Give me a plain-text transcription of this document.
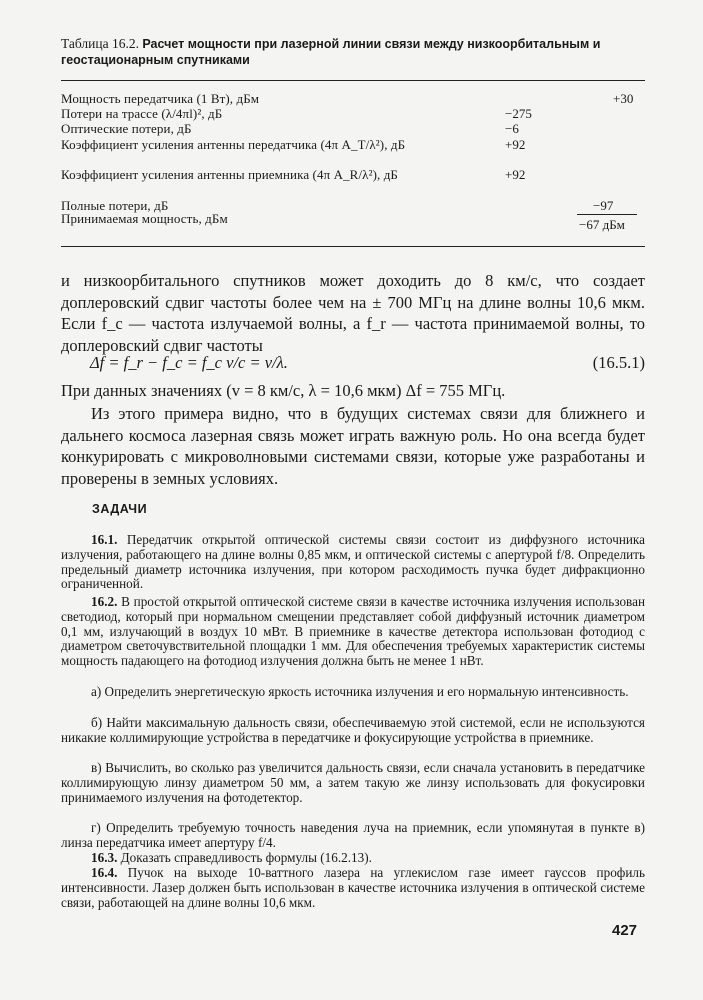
Таблица 16.2. Расчет мощности при лазерной линии связи между низкоорбитальным и геостационарным спутниками
Мощность передатчика (1 Вт), дБм	+30
Потери на трассе (λ/4πl)², дБ	−275
Оптические потери, дБ	−6
Коэффициент усиления антенны передатчика (4π A_T/λ²), дБ	+92
Коэффициент усиления антенны приемника (4π A_R/λ²), дБ	+92
Полные потери, дБ	−97
Принимаемая мощность, дБм	−67 дБм
и низкоорбитального спутников может доходить до 8 км/с, что создает доплеровский сдвиг частоты более чем на ± 700 МГц на длине волны 10,6 мкм. Если f_c — частота излучаемой волны, а f_r — частота принимаемой волны, то доплеровский сдвиг частоты
Δf = f_r − f_c = f_c v/c = v/λ.	(16.5.1)
При данных значениях (v = 8 км/с, λ = 10,6 мкм) Δf = 755 МГц.
Из этого примера видно, что в будущих системах связи для ближнего и дальнего космоса лазерная связь может играть важную роль. Но она всегда будет конкурировать с микроволновыми системами связи, которые уже разработаны и проверены в земных условиях.
ЗАДАЧИ
16.1. Передатчик открытой оптической системы связи состоит из диффузного источника излучения, работающего на длине волны 0,85 мкм, и оптической системы с апертурой f/8. Определить предельный диаметр источника излучения, при котором расходимость пучка будет дифракционно ограниченной.
16.2. В простой открытой оптической системе связи в качестве источника излучения использован светодиод, который при нормальном смещении представляет собой диффузный источник диаметром 0,1 мм, излучающий в воздух 10 мВт. В приемнике в качестве детектора использован фотодиод с диаметром светочувствительной площадки 1 мм. Для обеспечения требуемых характеристик системы мощность падающего на фотодиод излучения должна быть не менее 1 нВт.
а) Определить энергетическую яркость источника излучения и его нормальную интенсивность.
б) Найти максимальную дальность связи, обеспечиваемую этой системой, если не используются никакие коллимирующие устройства в передатчике и фокусирующие устройства в приемнике.
в) Вычислить, во сколько раз увеличится дальность связи, если сначала установить в передатчике коллимирующую линзу диаметром 50 мм, а затем такую же линзу использовать для фокусировки принимаемого излучения на фотодетектор.
г) Определить требуемую точность наведения луча на приемник, если упомянутая в пункте в) линза передатчика имеет апертуру f/4.
16.3. Доказать справедливость формулы (16.2.13).
16.4. Пучок на выходе 10-ваттного лазера на углекислом газе имеет гауссов профиль интенсивности. Лазер должен быть использован в качестве источника излучения в оптической системе связи, работающей на длине волны 10,6 мкм.
427
